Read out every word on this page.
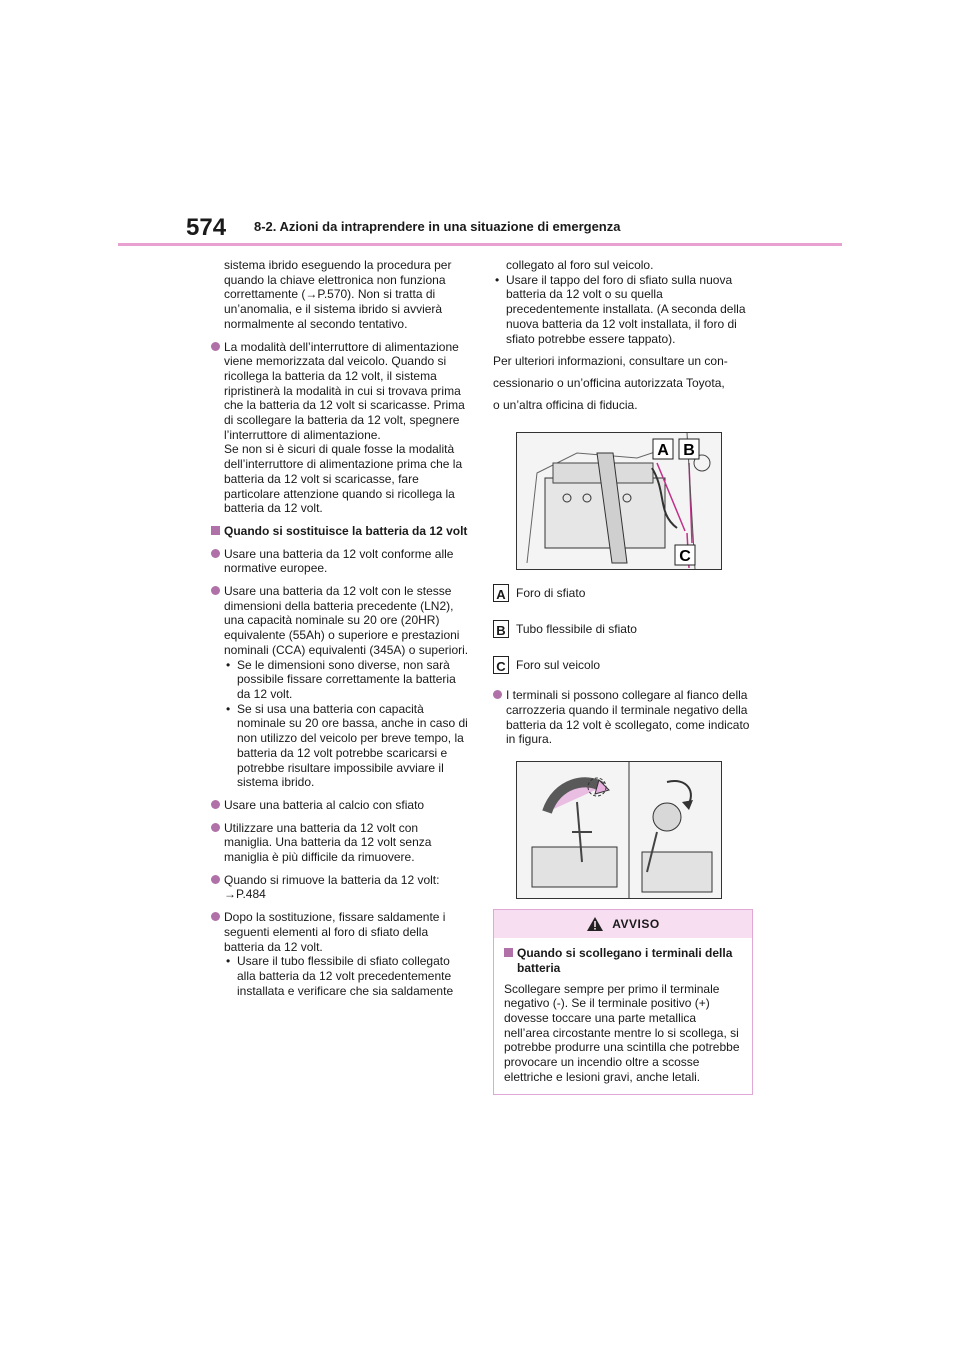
574 8-2. Azioni da intraprendere in una situazione di emergenza

sistema ibrido eseguendo la procedura per quando la chiave elettronica non funziona correttamente (→P.570). Non si tratta di un’anomalia, e il sistema ibrido si avvierà normalmente al secondo tentativo.

La modalità dell’interruttore di alimentazione viene memorizzata dal veicolo. Quando si ricollega la batteria da 12 volt, il sistema ripristinerà la modalità in cui si trovava prima che la batteria da 12 volt si scaricasse. Prima di scollegare la batteria da 12 volt, spegnere l’interruttore di alimentazione.

Se non si è sicuri di quale fosse la modalità dell’interruttore di alimentazione prima che la batteria da 12 volt si scaricasse, fare particolare attenzione quando si ricollega la batteria da 12 volt.

Quando si sostituisce la batteria da 12 volt

Usare una batteria da 12 volt conforme alle normative europee.

Usare una batteria da 12 volt con le stesse dimensioni della batteria precedente (LN2), una capacità nominale su 20 ore (20HR) equivalente (55Ah) o superiore e prestazioni nominali (CCA) equivalenti (345A) o superiori.

• Se le dimensioni sono diverse, non sarà possibile fissare correttamente la batteria da 12 volt.
• Se si usa una batteria con capacità nominale su 20 ore bassa, anche in caso di non utilizzo del veicolo per breve tempo, la batteria da 12 volt potrebbe scaricarsi e potrebbe risultare impossibile avviare il sistema ibrido.

Usare una batteria al calcio con sfiato

Utilizzare una batteria da 12 volt con maniglia. Una batteria da 12 volt senza maniglia è più difficile da rimuovere.

Quando si rimuove la batteria da 12 volt:

→P.484

Dopo la sostituzione, fissare saldamente i seguenti elementi al foro di sfiato della batteria da 12 volt.

• Usare il tubo flessibile di sfiato collegato alla batteria da 12 volt precedentemente installata e verificare che sia saldamente

collegato al foro sul veicolo.

• Usare il tappo del foro di sfiato sulla nuova batteria da 12 volt o su quella precedentemente installata. (A seconda della nuova batteria da 12 volt installata, il foro di sfiato potrebbe essere tappato).

Per ulteriori informazioni, consultare un con-

cessionario o un’officina autorizzata Toyota,

o un’altra officina di fiducia.

A B
C
A Foro di sfiato
B Tubo flessibile di sfiato
C Foro sul veicolo

I terminali si possono collegare al fianco della carrozzeria quando il terminale negativo della batteria da 12 volt è scollegato, come indicato in figura.

AVVISO
Quando si scollegano i terminali della batteria

Scollegare sempre per primo il terminale negativo (-). Se il terminale positivo (+) dovesse toccare una parte metallica nell’area circostante mentre lo si scollega, si potrebbe produrre una scintilla che potrebbe provocare un incendio oltre a scosse elettriche e lesioni gravi, anche letali.
